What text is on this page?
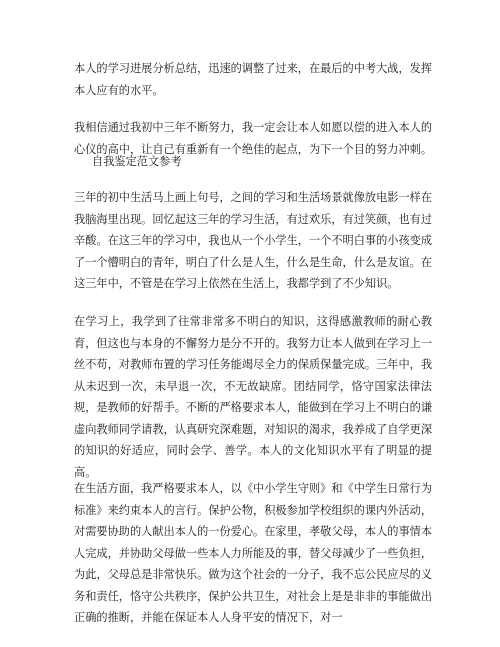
本人的学习进展分析总结，迅速的调整了过来，在最后的中考大战，发挥本人应有的水平。

我相信通过我初中三年不断努力，我一定会让本人如愿以偿的进入本人的心仪的高中，让自己有重新有一个绝佳的起点，为下一个目的努力冲刺。

自我鉴定范文参考

三年的初中生活马上画上句号，之间的学习和生活场景就像放电影一样在我脑海里出现。回忆起这三年的学习生活，有过欢乐，有过笑颜，也有过辛酸。在这三年的学习中，我也从一个小学生，一个不明白事的小孩变成了一个懵明白的青年，明白了什么是人生，什么是生命，什么是友谊。在这三年中，不管是在学习上依然在生活上，我都学到了不少知识。

在学习上，我学到了往常非常多不明白的知识，这得感激教师的耐心教育，但这也与本身的不懈努力是分不开的。我努力让本人做到在学习上一丝不苟，对教师布置的学习任务能竭尽全力的保质保量完成。三年中，我从未迟到一次，未早退一次，不无故缺席。团结同学，恪守国家法律法规，是教师的好帮手。不断的严格要求本人，能做到在学习上不明白的谦虚向教师同学请教，认真研究深难题，对知识的渴求，我养成了自学更深的知识的好适应，同时会学、善学。本人的文化知识水平有了明显的提高。

在生活方面，我严格要求本人，以《中小学生守则》和《中学生日常行为标准》来约束本人的言行。保护公物，积极参加学校组织的课内外活动，对需要协助的人献出本人的一份爱心。在家里，孝敬父母，本人的事情本人完成，并协助父母做一些本人力所能及的事，替父母减少了一些负担，为此，父母总是非常快乐。做为这个社会的一分子，我不忘公民应尽的义务和责任，恪守公共秩序，保护公共卫生，对社会上是是非非的事能做出正确的推断，并能在保证本人人身平安的情况下，对一
